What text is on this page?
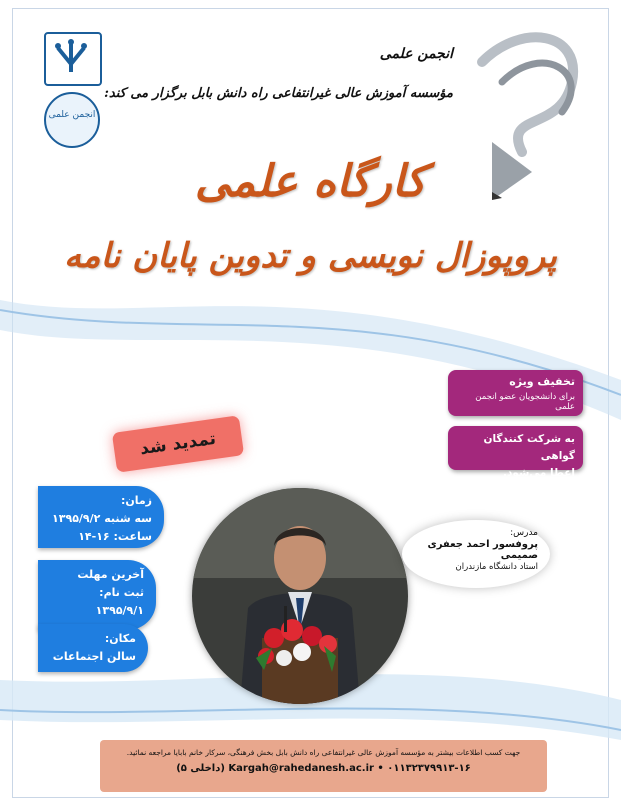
انجمن علمی
انجمن علمی
مؤسسه آموزش عالی غیرانتفاعی راه دانش بابل برگزار می کند:
کارگاه علمی
پروپوزال نویسی و تدوین پایان نامه
تخفیف ویژه
برای دانشجویان عضو انجمن علمی
به شرکت کنندگان گواهی
اعطا می‌شود.
تمدید شد
زمان:
سه شنبه ۱۳۹۵/۹/۲
ساعت: ۱۶-۱۴
آخرین مهلت
ثبت نام:
۱۳۹۵/۹/۱
مکان:
سالن اجتماعات
مدرس:
پروفسور احمد جعفری صمیمی
استاد دانشگاه مازندران
جهت کسب اطلاعات بیشتر به مؤسسه آموزش عالی غیرانتفاعی راه دانش بابل بخش فرهنگی، سرکار خانم بابایا مراجعه نمائید.
Kargah@rahedanesh.ac.ir • ۰۱۱۳۲۳۷۹۹۱۳-۱۶ (داخلی ۵)
